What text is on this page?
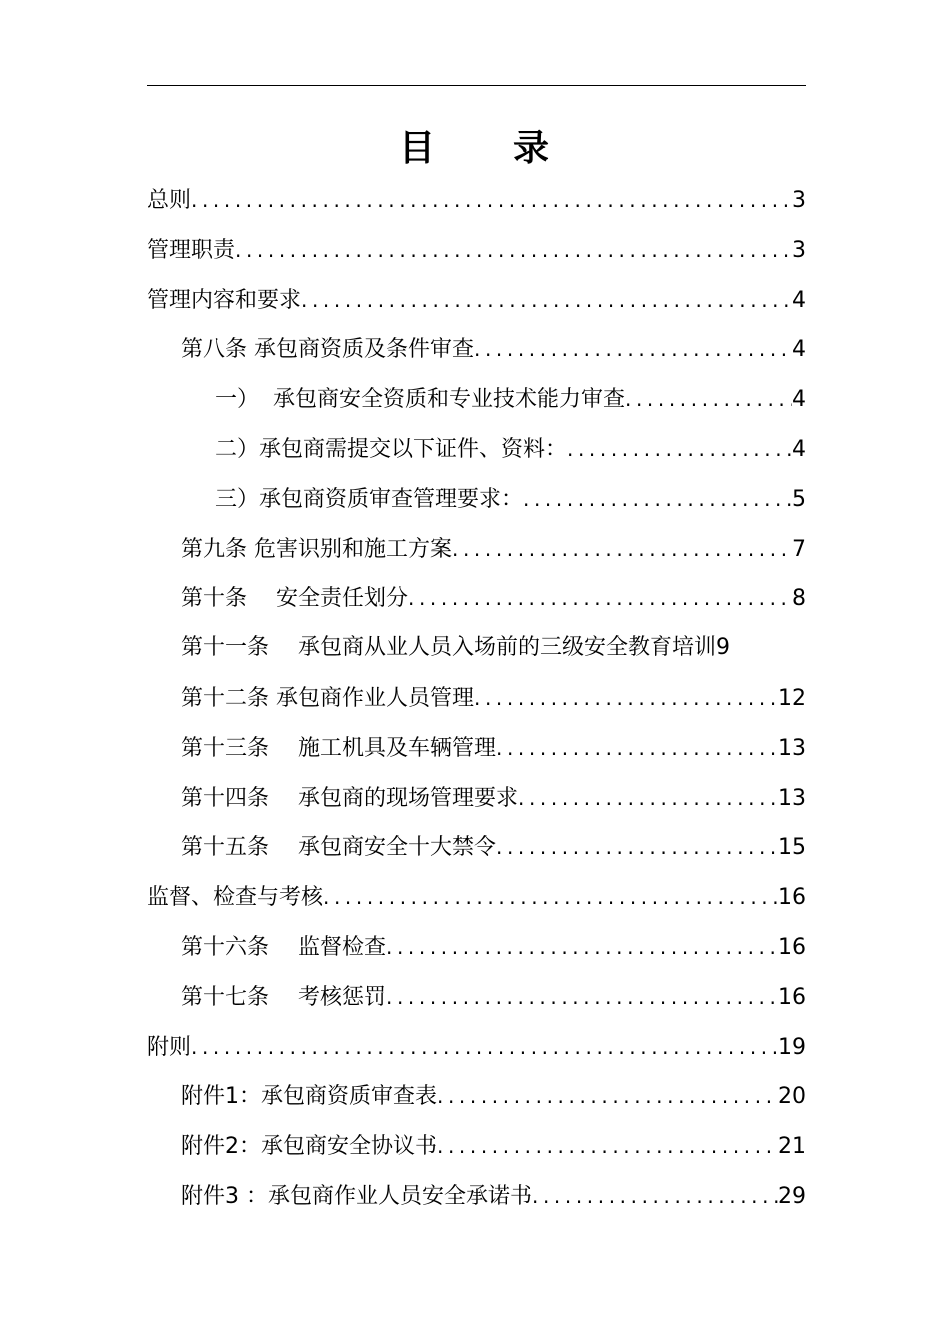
目　　录
总则 .....	3
管理职责 .....	3
管理内容和要求 .....	4
第八条 承包商资质及条件审查 .....	4
一）  承包商安全资质和专业技术能力审查 .....	4
二）承包商需提交以下证件、资料： .....	4
三）承包商资质审查管理要求： .....	5
第九条 危害识别和施工方案 .....	7
第十条　 安全责任划分 .....	8
第十一条　 承包商从业人员入场前的三级安全教育培训 9
第十二条 承包商作业人员管理 .....	12
第十三条　 施工机具及车辆管理 .....	13
第十四条　 承包商的现场管理要求 .....	13
第十五条　 承包商安全十大禁令 .....	15
监督、检查与考核 .....	16
第十六条　 监督检查 .....	16
第十七条　 考核惩罚 .....	16
附则 .....	19
附件1：承包商资质审查表 .....	20
附件2：承包商安全协议书 .....	21
附件3 ：承包商作业人员安全承诺书 .....	29
